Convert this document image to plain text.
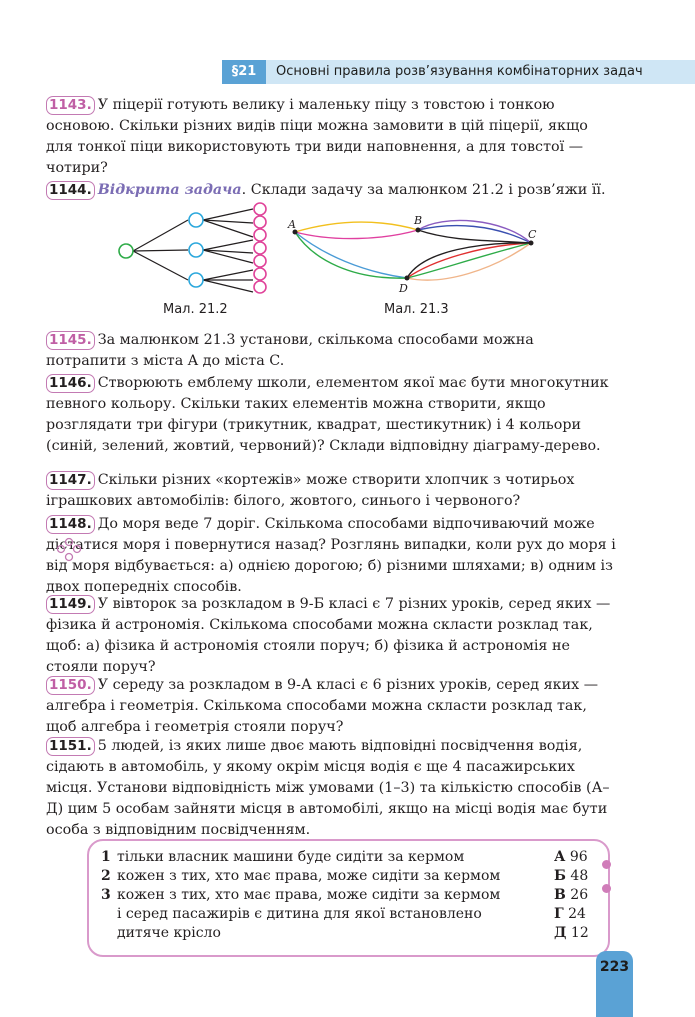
§21	Основні правила розв’язування комбінаторних задач
1143. У піцерії готують велику і маленьку піцу з товстою і тонкою основою. Скільки різних видів піци можна замовити в цій піцерії, якщо для тонкої піци використовують три види наповнення, а для товстої — чотири?
1144. Відкрита задача. Склади задачу за малюнком 21.2 і розв’яжи її.
Мал. 21.2
A	B
C
D
Мал. 21.3
1145. За малюнком 21.3 установи, скількома способами можна потрапити з міста A до міста C.
1146. Створюють емблему школи, елементом якої має бути многокутник певного кольору. Скільки таких елементів можна створити, якщо розглядати три фігури (трикутник, квадрат, шестикутник) і 4 кольори (синій, зелений, жовтий, червоний)? Склади відповідну діаграму-дерево.
1147. Скільки різних «кортежів» може створити хлопчик з чотирьох іграшкових автомобілів: білого, жовтого, синього і червоного?
1148. До моря веде 7 доріг. Скількома способами відпочиваючий може дістатися моря і повернутися назад? Розглянь випадки, коли рух до моря і від моря відбувається: а) однією дорогою; б) різними шляхами; в) одним із двох попередніх способів.
1149. У вівторок за розкладом в 9-Б класі є 7 різних уроків, серед яких — фізика й астрономія. Скількома способами можна скласти розклад так, щоб: а) фізика й астрономія стояли поруч; б) фізика й астрономія не стояли поруч?
1150. У середу за розкладом в 9-А класі є 6 різних уроків, серед яких — алгебра і геометрія. Скількома способами можна скласти розклад так, щоб алгебра і геометрія стояли поруч?
1151. 5 людей, із яких лише двоє мають відповідні посвідчення водія, сідають в автомобіль, у якому окрім місця водія є ще 4 пасажирських місця. Установи відповідність між умовами (1–3) та кількістю способів (А–Д) цим 5 особам зайняти місця в автомобілі, якщо на місці водія має бути особа з відповідним посвідченням.
1 тільки власник машини буде сидіти за кермом
2 кожен з тих, хто має права, може сидіти за кермом
3 кожен з тих, хто має права, може сидіти за кермом
і серед пасажирів є дитина для якої встановлено
дитяче крісло
А 96
Б 48
В 26
Г 24
Д 12
223
